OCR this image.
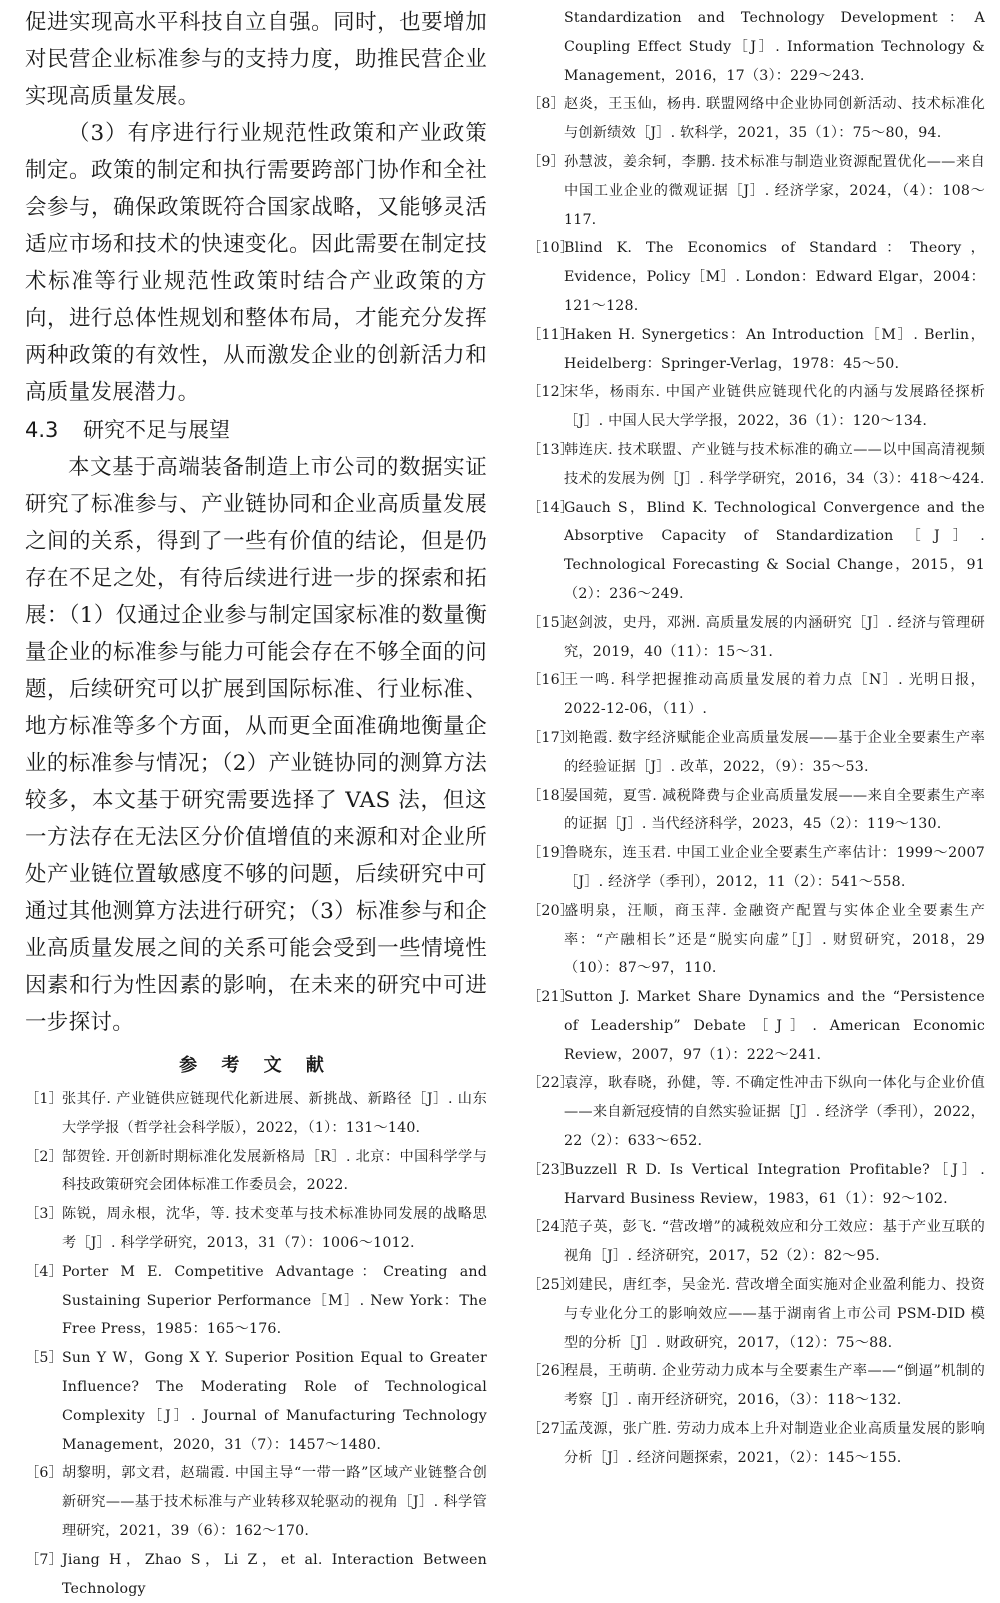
促进实现高水平科技自立自强。同时，也要增加对民营企业标准参与的支持力度，助推民营企业实现高质量发展。

（3）有序进行行业规范性政策和产业政策制定。政策的制定和执行需要跨部门协作和全社会参与，确保政策既符合国家战略，又能够灵活适应市场和技术的快速变化。因此需要在制定技术标准等行业规范性政策时结合产业政策的方向，进行总体性规划和整体布局，才能充分发挥两种政策的有效性，从而激发企业的创新活力和高质量发展潜力。

4.3 研究不足与展望

本文基于高端装备制造上市公司的数据实证研究了标准参与、产业链协同和企业高质量发展之间的关系，得到了一些有价值的结论，但是仍存在不足之处，有待后续进行进一步的探索和拓展：（1）仅通过企业参与制定国家标准的数量衡量企业的标准参与能力可能会存在不够全面的问题，后续研究可以扩展到国际标准、行业标准、地方标准等多个方面，从而更全面准确地衡量企业的标准参与情况；（2）产业链协同的测算方法较多，本文基于研究需要选择了 VAS 法，但这一方法存在无法区分价值增值的来源和对企业所处产业链位置敏感度不够的问题，后续研究中可通过其他测算方法进行研究；（3）标准参与和企业高质量发展之间的关系可能会受到一些情境性因素和行为性因素的影响，在未来的研究中可进一步探讨。

参 考 文 献

［1］
张其仔. 产业链供应链现代化新进展、新挑战、新路径［J］. 山东大学学报（哲学社会科学版），2022，（1）：131～140.

［2］
郜贺铨. 开创新时期标准化发展新格局［R］. 北京：中国科学学与科技政策研究会团体标准工作委员会，2022.

［3］
陈锐，周永根，沈华，等. 技术变革与技术标准协同发展的战略思考［J］. 科学学研究，2013，31（7）：1006～1012.

［4］
Porter M E. Competitive Advantage：Creating and Sustaining Superior Performance［M］. New York：The Free Press，1985：165～176.

［5］
Sun Y W，Gong X Y. Superior Position Equal to Greater Influence? The Moderating Role of Technological Complexity［J］. Journal of Manufacturing Technology Management，2020，31（7）：1457～1480.

［6］
胡黎明，郭文君，赵瑞霞. 中国主导“一带一路”区域产业链整合创新研究——基于技术标准与产业转移双轮驱动的视角［J］. 科学管理研究，2021，39（6）：162～170.

［7］
Jiang H，Zhao S，Li Z，et al. Interaction Between Technology

Standardization and Technology Development：A Coupling Effect Study［J］. Information Technology & Management，2016，17（3）：229～243.

［8］
赵炎，王玉仙，杨冉. 联盟网络中企业协同创新活动、技术标准化与创新绩效［J］. 软科学，2021，35（1）：75～80，94.

［9］
孙慧波，姜余轲，李鹏. 技术标准与制造业资源配置优化——来自中国工业企业的微观证据［J］. 经济学家，2024，（4）：108～117.

［10］
Blind K. The Economics of Standard：Theory，Evidence，Policy［M］. London：Edward Elgar，2004：121～128.

［11］
Haken H. Synergetics：An Introduction［M］. Berlin，Heidelberg：Springer-Verlag，1978：45～50.

［12］
宋华，杨雨东. 中国产业链供应链现代化的内涵与发展路径探析［J］. 中国人民大学学报，2022，36（1）：120～134.

［13］
韩连庆. 技术联盟、产业链与技术标准的确立——以中国高清视频技术的发展为例［J］. 科学学研究，2016，34（3）：418～424.

［14］
Gauch S，Blind K. Technological Convergence and the Absorptive Capacity of Standardization［J］. Technological Forecasting & Social Change，2015，91（2）：236～249.

［15］
赵剑波，史丹，邓洲. 高质量发展的内涵研究［J］. 经济与管理研究，2019，40（11）：15～31.

［16］
王一鸣. 科学把握推动高质量发展的着力点［N］. 光明日报，2022-12-06，（11）.

［17］
刘艳霞. 数字经济赋能企业高质量发展——基于企业全要素生产率的经验证据［J］. 改革，2022，（9）：35～53.

［18］
晏国菀，夏雪. 减税降费与企业高质量发展——来自全要素生产率的证据［J］. 当代经济科学，2023，45（2）：119～130.

［19］
鲁晓东，连玉君. 中国工业企业全要素生产率估计：1999～2007［J］. 经济学（季刊），2012，11（2）：541～558.

［20］
盛明泉，汪顺，商玉萍. 金融资产配置与实体企业全要素生产率：“产融相长”还是“脱实向虚”［J］. 财贸研究，2018，29（10）：87～97，110.

［21］
Sutton J. Market Share Dynamics and the “Persistence of Leadership” Debate［J］. American Economic Review，2007，97（1）：222～241.

［22］
袁淳，耿春晓，孙健，等. 不确定性冲击下纵向一体化与企业价值——来自新冠疫情的自然实验证据［J］. 经济学（季刊），2022，22（2）：633～652.

［23］
Buzzell R D. Is Vertical Integration Profitable?［J］. Harvard Business Review，1983，61（1）：92～102.

［24］
范子英，彭飞. “营改增”的减税效应和分工效应：基于产业互联的视角［J］. 经济研究，2017，52（2）：82～95.

［25］
刘建民，唐红李，吴金光. 营改增全面实施对企业盈利能力、投资与专业化分工的影响效应——基于湖南省上市公司 PSM-DID 模型的分析［J］. 财政研究，2017，（12）：75～88.

［26］
程晨，王萌萌. 企业劳动力成本与全要素生产率——“倒逼”机制的考察［J］. 南开经济研究，2016，（3）：118～132.

［27］
孟茂源，张广胜. 劳动力成本上升对制造业企业高质量发展的影响分析［J］. 经济问题探索，2021，（2）：145～155.
